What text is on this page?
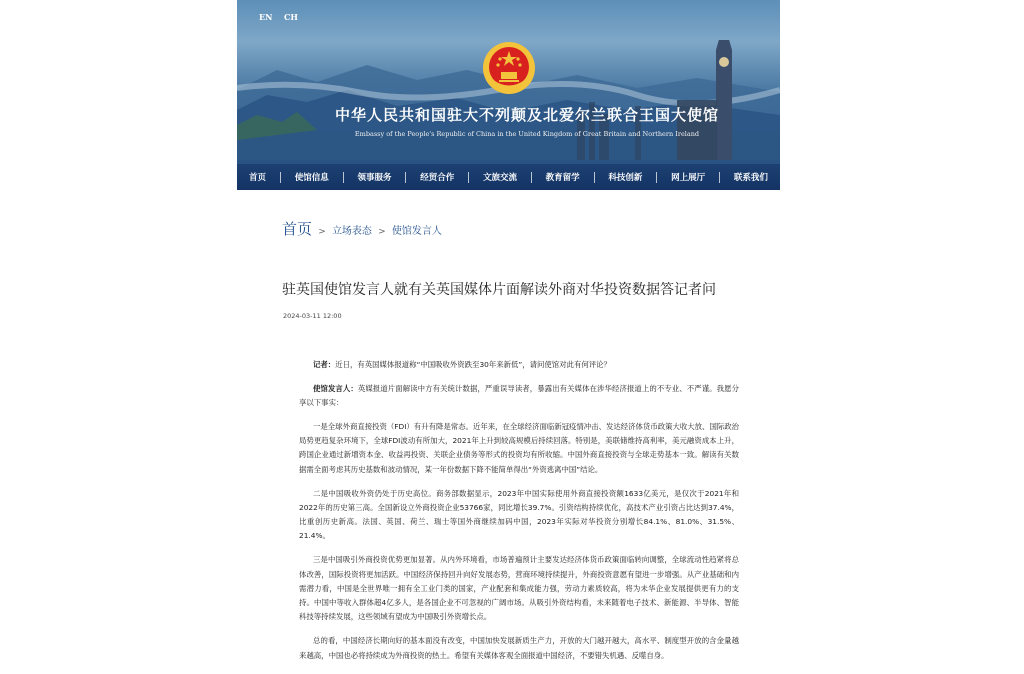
EN CH
中华人民共和国驻大不列颠及北爱尔兰联合王国大使馆
Embassy of the People's Republic of China in the United Kingdom of Great Britain and Northern Ireland
首页	使馆信息	领事服务	经贸合作	文旅交流	教育留学	科技创新	网上展厅	联系我们
首页 > 立场表态 > 使馆发言人
驻英国使馆发言人就有关英国媒体片面解读外商对华投资数据答记者问
2024-03-11 12:00

记者：近日，有英国媒体报道称“中国吸收外资跌至30年来新低”，请问使馆对此有何评论？

使馆发言人：英媒报道片面解读中方有关统计数据，严重误导读者，暴露出有关媒体在涉华经济报道上的不专业、不严谨。我愿分享以下事实：

一是全球外商直接投资（FDI）有升有降是常态。近年来，在全球经济面临新冠疫情冲击、发达经济体货币政策大收大放、国际政治局势更趋复杂环境下，全球FDI波动有所加大，2021年上升到较高规模后持续回落。特别是，美联储维持高利率，美元融资成本上升，跨国企业通过新增资本金、收益再投资、关联企业债务等形式的投资均有所收缩。中国外商直接投资与全球走势基本一致。解读有关数据需全面考虑其历史基数和波动情况，某一年份数据下降不能简单得出“外资逃离中国”结论。

二是中国吸收外资仍处于历史高位。商务部数据显示，2023年中国实际使用外商直接投资额1633亿美元，是仅次于2021年和2022年的历史第三高。全国新设立外商投资企业53766家，同比增长39.7%。引资结构持续优化，高技术产业引资占比达到37.4%，比重创历史新高。法国、英国、荷兰、瑞士等国外商继续加码中国，2023年实际对华投资分别增长84.1%、81.0%、31.5%、21.4%。

三是中国吸引外商投资优势更加显著。从内外环境看，市场普遍预计主要发达经济体货币政策面临转向调整，全球流动性趋紧将总体改善，国际投资将更加活跃。中国经济保持回升向好发展态势，营商环境持续提升，外商投资意愿有望进一步增强。从产业基础和内需潜力看，中国是全世界唯一拥有全工业门类的国家，产业配套和集成能力强，劳动力素质较高，将为未华企业发展提供更有力的支持。中国中等收入群体超4亿多人，是各国企业不可忽视的广阔市场。从吸引外资结构看，未来随着电子技术、新能源、半导体、智能科技等持续发展，这些领域有望成为中国吸引外资增长点。

总的看，中国经济长期向好的基本面没有改变，中国加快发展新质生产力，开放的大门越开越大，高水平、制度型开放的含金量越来越高，中国也必将持续成为外商投资的热土。希望有关媒体客观全面报道中国经济，不要错失机遇、反噬自身。
